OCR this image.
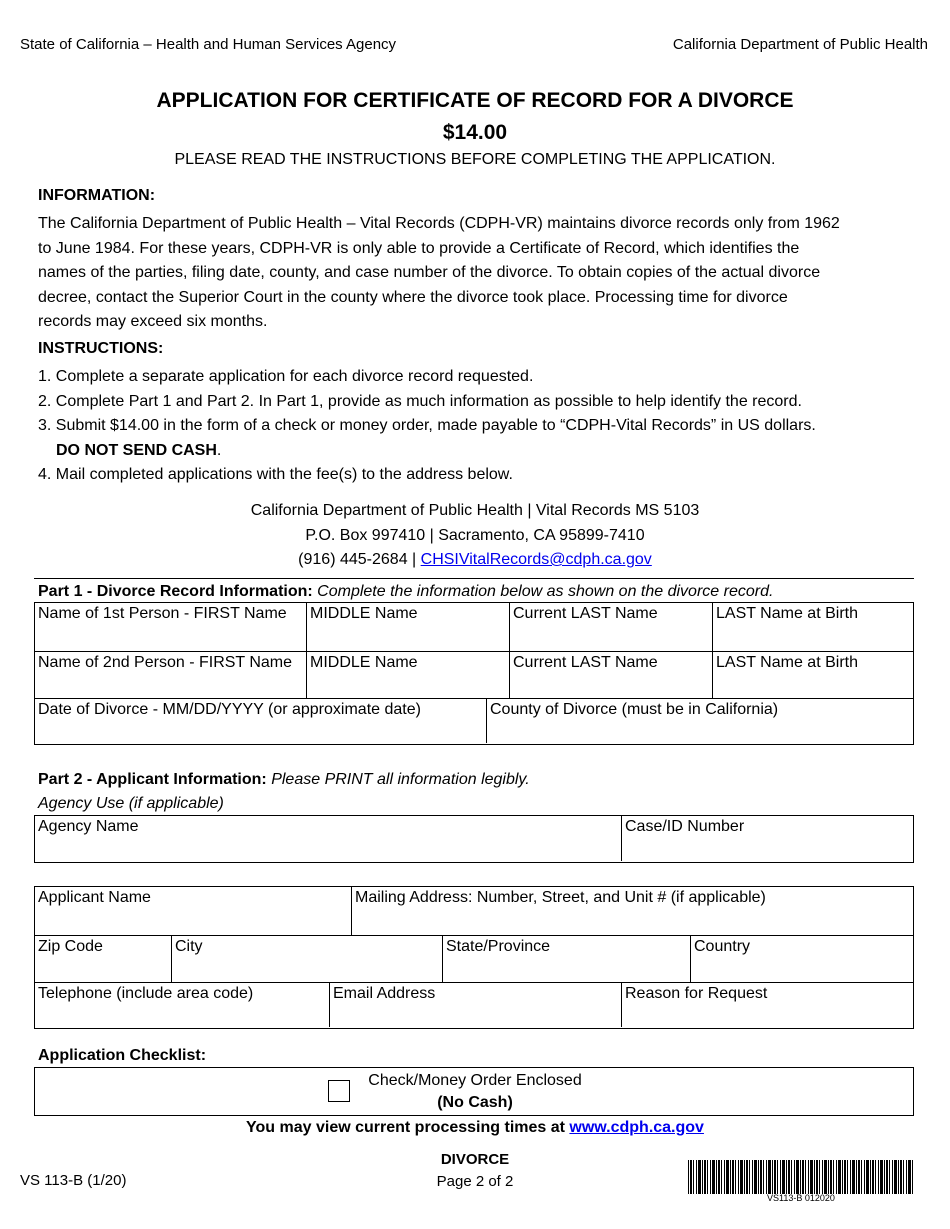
State of California – Health and Human Services Agency	California Department of Public Health
APPLICATION FOR CERTIFICATE OF RECORD FOR A DIVORCE
$14.00
PLEASE READ THE INSTRUCTIONS BEFORE COMPLETING THE APPLICATION.
INFORMATION:
The California Department of Public Health – Vital Records (CDPH-VR) maintains divorce records only from 1962
to June 1984. For these years, CDPH-VR is only able to provide a Certificate of Record, which identifies the
names of the parties, filing date, county, and case number of the divorce. To obtain copies of the actual divorce
decree, contact the Superior Court in the county where the divorce took place. Processing time for divorce
records may exceed six months.
INSTRUCTIONS:
1. Complete a separate application for each divorce record requested.
2. Complete Part 1 and Part 2. In Part 1, provide as much information as possible to help identify the record.
3. Submit $14.00 in the form of a check or money order, made payable to “CDPH-Vital Records” in US dollars.
DO NOT SEND CASH.
4. Mail completed applications with the fee(s) to the address below.
California Department of Public Health | Vital Records MS 5103
P.O. Box 997410 | Sacramento, CA 95899-7410
(916) 445-2684 | CHSIVitalRecords@cdph.ca.gov
Part 1 - Divorce Record Information: Complete the information below as shown on the divorce record.
Name of 1st Person - FIRST Name	MIDDLE Name	Current LAST Name	LAST Name at Birth
Name of 2nd Person - FIRST Name	MIDDLE Name	Current LAST Name	LAST Name at Birth
Date of Divorce - MM/DD/YYYY (or approximate date)	County of Divorce (must be in California)
Part 2 - Applicant Information: Please PRINT all information legibly.
Agency Use (if applicable)
Agency Name	Case/ID Number
Applicant Name	Mailing Address: Number, Street, and Unit # (if applicable)
Zip Code	City	State/Province	Country
Telephone (include area code)	Email Address	Reason for Request
Application Checklist:
Check/Money Order Enclosed
(No Cash)
You may view current processing times at www.cdph.ca.gov
VS 113-B (1/20)
DIVORCE
Page 2 of 2
VS113-B 012020
